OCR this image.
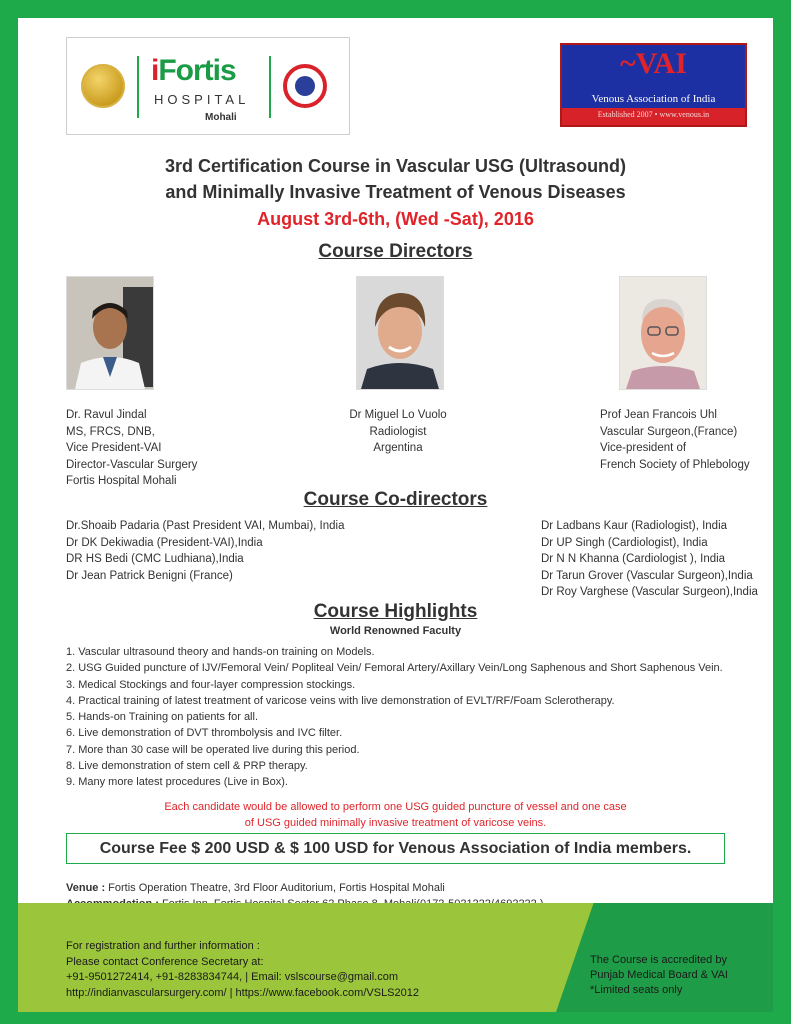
iFortis
HOSPITAL
Mohali
~VAI
Venous Association of India
Established 2007 • www.venous.in
3rd Certification Course in Vascular USG (Ultrasound)
and Minimally Invasive Treatment of Venous Diseases
August 3rd-6th, (Wed -Sat), 2016
Course Directors
Dr. Ravul Jindal
MS, FRCS, DNB,
Vice President-VAI
Director-Vascular Surgery
Fortis Hospital Mohali
Dr Miguel Lo Vuolo
Radiologist
Argentina
Prof Jean Francois Uhl
Vascular Surgeon,(France)
Vice-president of
French Society of Phlebology
Course Co-directors
Dr.Shoaib Padaria (Past President VAI, Mumbai), India
Dr DK Dekiwadia (President-VAI),India
DR HS Bedi (CMC Ludhiana),India
Dr Jean Patrick Benigni (France)
Dr Ladbans Kaur (Radiologist), India
Dr UP Singh (Cardiologist), India
Dr N N Khanna (Cardiologist ), India
Dr Tarun Grover (Vascular Surgeon),India
Dr Roy Varghese (Vascular Surgeon),India
Course Highlights
World Renowned Faculty
1. Vascular ultrasound theory and hands-on training on Models.
2. USG Guided puncture of IJV/Femoral Vein/ Popliteal Vein/ Femoral Artery/Axillary Vein/Long Saphenous and Short Saphenous Vein.
3. Medical Stockings and four-layer compression stockings.
4. Practical training of latest treatment of varicose veins with live demonstration of EVLT/RF/Foam Sclerotherapy.
5. Hands-on Training on patients for all.
6. Live demonstration of DVT thrombolysis and IVC filter.
7. More than 30 case will be operated live during this period.
8. Live demonstration of stem cell & PRP therapy.
9. Many more latest procedures (Live in Box).
Each candidate would be allowed to perform one USG guided puncture of vessel and one case
of USG guided minimally invasive treatment of varicose veins.
Course Fee $ 200 USD & $ 100 USD for Venous Association of India members.
Venue : Fortis Operation Theatre, 3rd Floor Auditorium, Fortis Hospital Mohali
For registration and further information :
Please contact Conference Secretary at:
+91-9501272414, +91-8283834744, | Email: vslscourse@gmail.com
http://indianvascularsurgery.com/ | https://www.facebook.com/VSLS2012
The Course is accredited by
Punjab Medical Board & VAI
*Limited seats only
